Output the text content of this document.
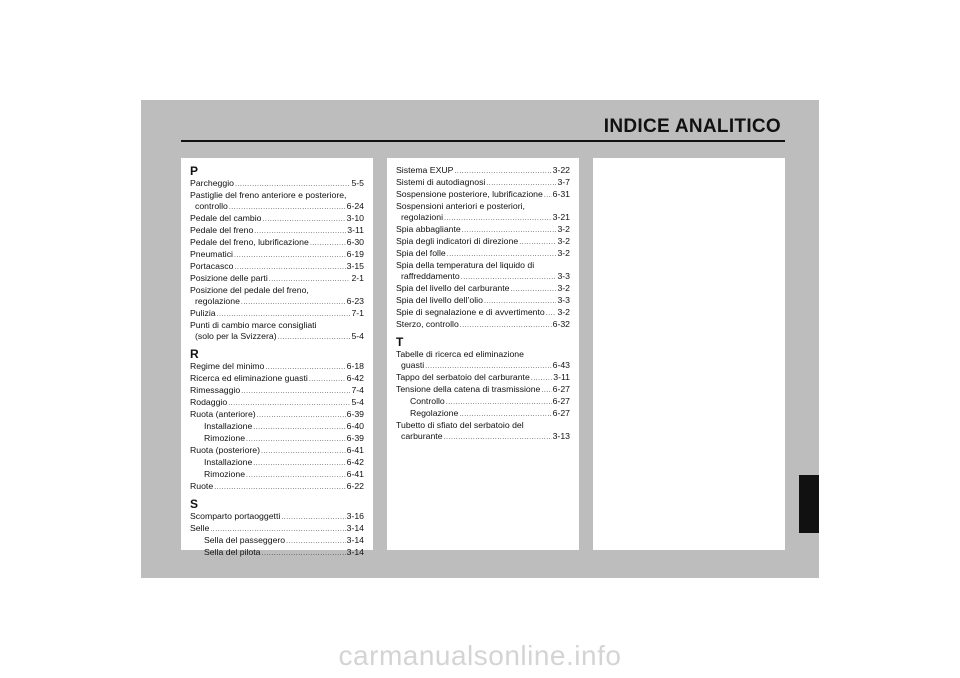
INDICE ANALITICO
P
Parcheggio .....	5-5
Pastiglie del freno anteriore e posteriore,
controllo .....	6-24
Pedale del cambio .....	3-10
Pedale del freno .....	3-11
Pedale del freno, lubrificazione .....	6-30
Pneumatici .....	6-19
Portacasco .....	3-15
Posizione delle parti .....	2-1
Posizione del pedale del freno,
regolazione .....	6-23
Pulizia .....	7-1
Punti di cambio marce consigliati
(solo per la Svizzera) .....	5-4
R
Regime del minimo .....	6-18
Ricerca ed eliminazione guasti .....	6-42
Rimessaggio .....	7-4
Rodaggio .....	5-4
Ruota (anteriore) .....	6-39
Installazione .....	6-40
Rimozione .....	6-39
Ruota (posteriore) .....	6-41
Installazione .....	6-42
Rimozione .....	6-41
Ruote .....	6-22
S
Scomparto portaoggetti .....	3-16
Selle .....	3-14
Sella del passeggero .....	3-14
Sella del pilota .....	3-14
Sistema EXUP .....	3-22
Sistemi di autodiagnosi .....	3-7
Sospensione posteriore, lubrificazione ..... 6-31
Sospensioni anteriori e posteriori,
regolazioni .....	3-21
Spia abbagliante .....	3-2
Spia degli indicatori di direzione .....	3-2
Spia del folle .....	3-2
Spia della temperatura del liquido di
raffreddamento .....	3-3
Spia del livello del carburante .....	3-2
Spia del livello dell’olio .....	3-3
Spie di segnalazione e di avvertimento ..... 3-2
Sterzo, controllo .....	6-32
T
Tabelle di ricerca ed eliminazione
guasti .....	6-43
Tappo del serbatoio del carburante .....	3-11
Tensione della catena di trasmissione ..... 6-27
Controllo .....	6-27
Regolazione .....	6-27
Tubetto di sfiato del serbatoio del
carburante .....	3-13
carmanualsonline.info
